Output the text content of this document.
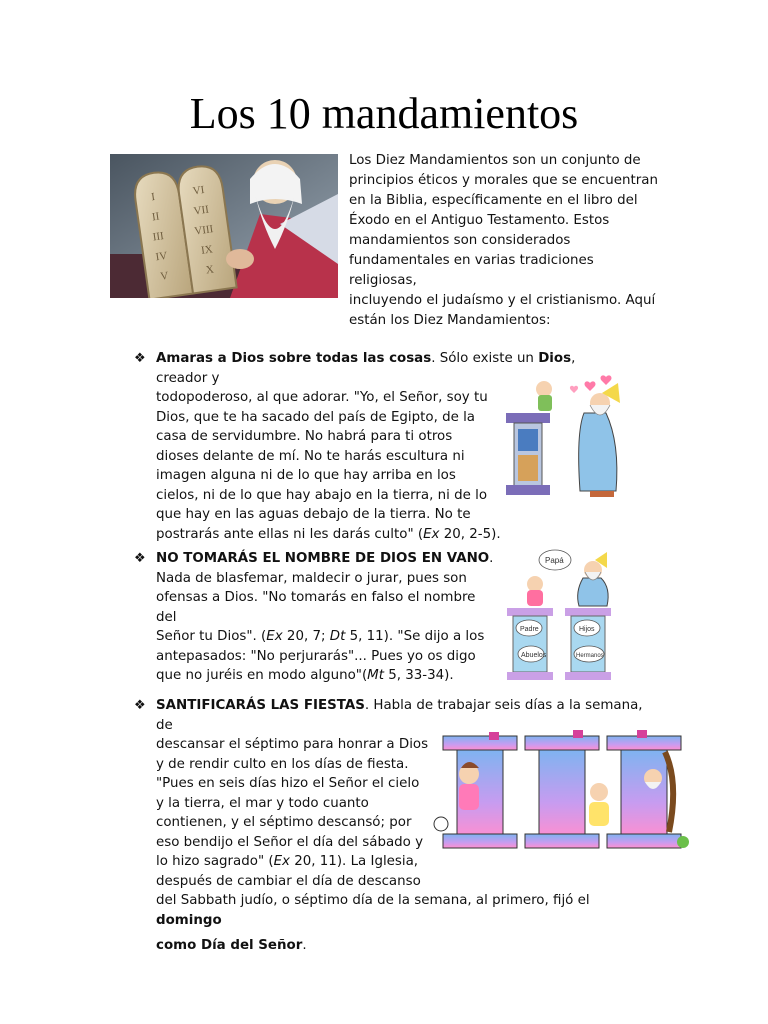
Los 10 mandamientos
I
II
III
IV
V
VI
VII
VIII
IX
X
Los Diez Mandamientos son un conjunto de
principios éticos y morales que se encuentran
en la Biblia, específicamente en el libro del
Éxodo en el Antiguo Testamento. Estos
mandamientos son considerados
fundamentales en varias tradiciones religiosas,
incluyendo el judaísmo y el cristianismo. Aquí
están los Diez Mandamientos:
❖ Amaras a Dios sobre todas las cosas. Sólo existe un Dios, creador y
todopoderoso, al que adorar. "Yo, el Señor, soy tu
Dios, que te ha sacado del país de Egipto, de la
casa de servidumbre. No habrá para ti otros
dioses delante de mí. No te harás escultura ni
imagen alguna ni de lo que hay arriba en los
cielos, ni de lo que hay abajo en la tierra, ni de lo
que hay en las aguas debajo de la tierra. No te
postrarás ante ellas ni les darás culto" (Ex 20, 2-5).
❖ NO TOMARÁS EL NOMBRE DE DIOS EN VANO.
Nada de blasfemar, maldecir o jurar, pues son
ofensas a Dios. "No tomarás en falso el nombre del
Señor tu Dios". (Ex 20, 7; Dt 5, 11). "Se dijo a los
antepasados: "No perjurarás"... Pues yo os digo
que no juréis en modo alguno"(Mt 5, 33-34).
Padre	Hijos
Abuelos	Hermanos
Papá
❖ SANTIFICARÁS LAS FIESTAS. Habla de trabajar seis días a la semana, de
descansar el séptimo para honrar a Dios
y de rendir culto en los días de fiesta.
"Pues en seis días hizo el Señor el cielo
y la tierra, el mar y todo cuanto
contienen, y el séptimo descansó; por
eso bendijo el Señor el día del sábado y
lo hizo sagrado" (Ex 20, 11). La Iglesia,
después de cambiar el día de descanso
del Sabbath judío, o séptimo día de la semana, al primero, fijó el domingo
como Día del Señor.
